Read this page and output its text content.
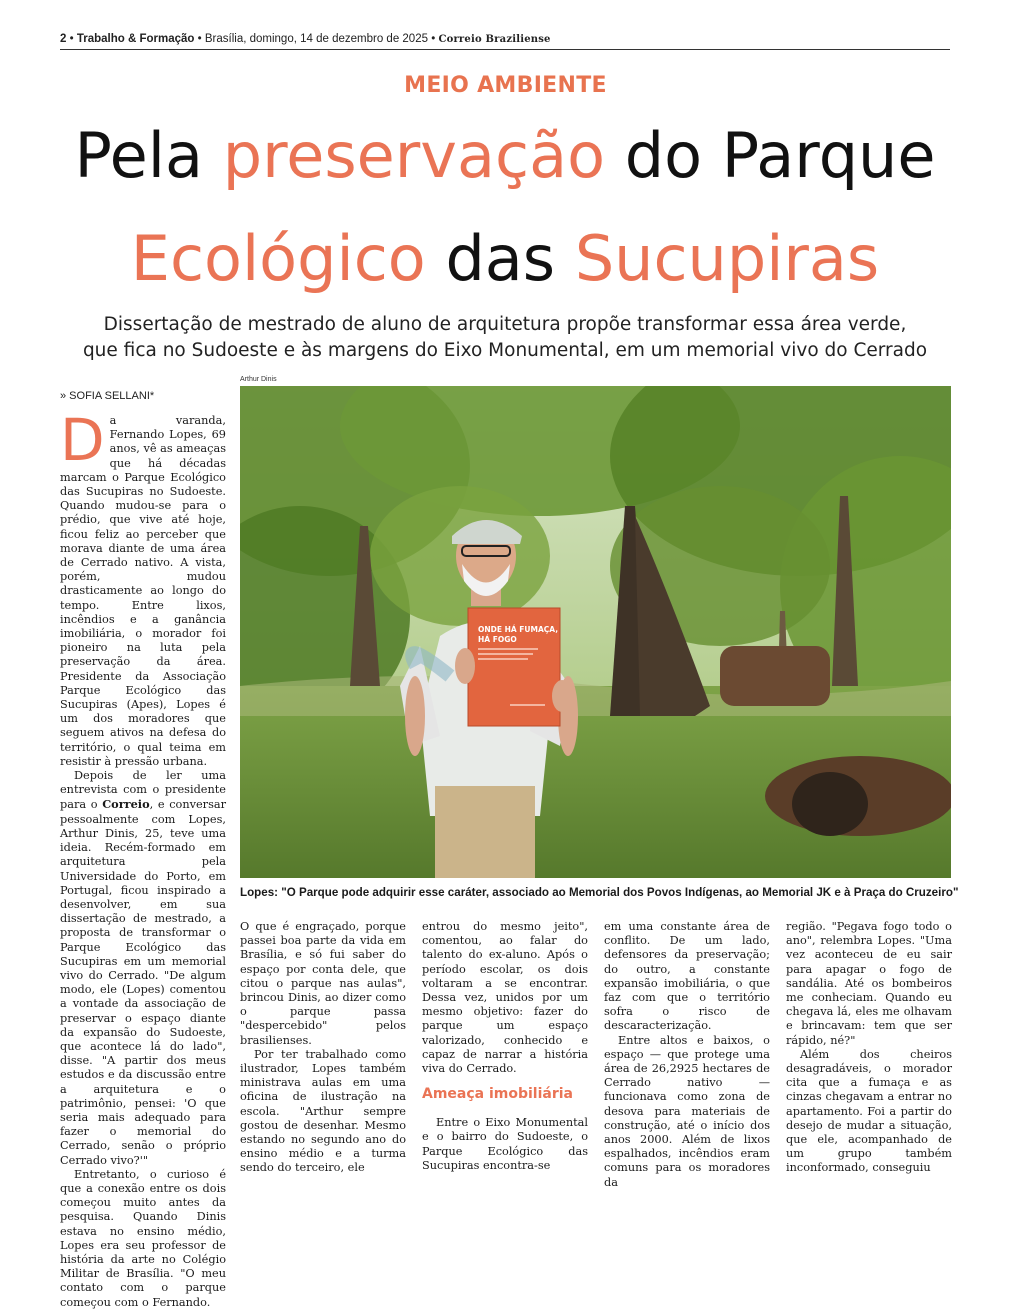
2 • Trabalho & Formação • Brasília, domingo, 14 de dezembro de 2025 • Correio Braziliense
MEIO AMBIENTE
Pela preservação do Parque
Ecológico das Sucupiras
Dissertação de mestrado de aluno de arquitetura propõe transformar essa área verde,
que fica no Sudoeste e às margens do Eixo Monumental, em um memorial vivo do Cerrado
Arthur Dinis
ONDE HÁ FUMAÇA,
HÁ FOGO
Lopes: "O Parque pode adquirir esse caráter, associado ao Memorial dos Povos Indígenas, ao Memorial JK e à Praça do Cruzeiro"
» SOFIA SELLANI*

Da varanda, Fernando Lopes, 69 anos, vê as ameaças que há décadas marcam o Parque Ecológico das Sucupiras no Sudoeste. Quando mudou-se para o prédio, que vive até hoje, ficou feliz ao perceber que morava diante de uma área de Cerrado nativo. A vista, porém, mudou drasticamente ao longo do tempo. Entre lixos, incêndios e a ganância imobiliária, o morador foi pioneiro na luta pela preservação da área. Presidente da Associação Parque Ecológico das Sucupiras (Apes), Lopes é um dos moradores que seguem ativos na defesa do território, o qual teima em resistir à pressão urbana.

Depois de ler uma entrevista com o presidente para o Correio, e conversar pessoalmente com Lopes, Arthur Dinis, 25, teve uma ideia. Recém-formado em arquitetura pela Universidade do Porto, em Portugal, ficou inspirado a desenvolver, em sua dissertação de mestrado, a proposta de transformar o Parque Ecológico das Sucupiras em um memorial vivo do Cerrado. "De algum modo, ele (Lopes) comentou a vontade da associação de preservar o espaço diante da expansão do Sudoeste, que acontece lá do lado", disse. "A partir dos meus estudos e da discussão entre a arquitetura e o patrimônio, pensei: 'O que seria mais adequado para fazer o memorial do Cerrado, senão o próprio Cerrado vivo?'"

Entretanto, o curioso é que a conexão entre os dois começou muito antes da pesquisa. Quando Dinis estava no ensino médio, Lopes era seu professor de história da arte no Colégio Militar de Brasília. "O meu contato com o parque começou com o Fernando.

O que é engraçado, porque passei boa parte da vida em Brasília, e só fui saber do espaço por conta dele, que citou o parque nas aulas", brincou Dinis, ao dizer como o parque passa "despercebido" pelos brasilienses.

Por ter trabalhado como ilustrador, Lopes também ministrava aulas em uma oficina de ilustração na escola. "Arthur sempre gostou de desenhar. Mesmo estando no segundo ano do ensino médio e a turma sendo do terceiro, ele

entrou do mesmo jeito", comentou, ao falar do talento do ex-aluno. Após o período escolar, os dois voltaram a se encontrar. Dessa vez, unidos por um mesmo objetivo: fazer do parque um espaço valorizado, conhecido e capaz de narrar a história viva do Cerrado.

Ameaça imobiliária

Entre o Eixo Monumental e o bairro do Sudoeste, o Parque Ecológico das Sucupiras encontra-se

em uma constante área de conflito. De um lado, defensores da preservação; do outro, a constante expansão imobiliária, o que faz com que o território sofra o risco de descaracterização.

Entre altos e baixos, o espaço — que protege uma área de 26,2925 hectares de Cerrado nativo — funcionava como zona de desova para materiais de construção, até o início dos anos 2000. Além de lixos espalhados, incêndios eram comuns para os moradores da

região. "Pegava fogo todo o ano", relembra Lopes. "Uma vez aconteceu de eu sair para apagar o fogo de sandália. Até os bombeiros me conheciam. Quando eu chegava lá, eles me olhavam e brincavam: tem que ser rápido, né?"

Além dos cheiros desagradáveis, o morador cita que a fumaça e as cinzas chegavam a entrar no apartamento. Foi a partir do desejo de mudar a situação, que ele, acompanhado de um grupo também inconformado, conseguiu
